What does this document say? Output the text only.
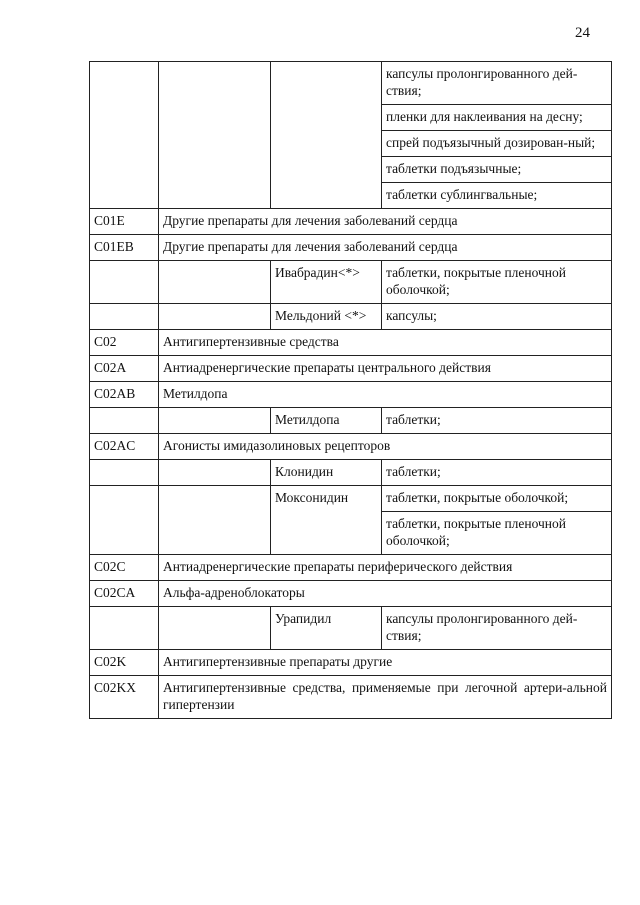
24
			капсулы пролонгированного дей-ствия;
			пленки для наклеивания на десну;
			спрей подъязычный дозирован-ный;
			таблетки подъязычные;
			таблетки сублингвальные;
C01E	Другие препараты для лечения заболеваний сердца		
C01EB	Другие препараты для лечения заболеваний сердца		
		Ивабрадин<*>	таблетки, покрытые пленочной оболочкой;
		Мельдоний <*>	капсулы;
C02	Антигипертензивные средства		
C02A	Антиадренергические препараты центрального действия		
C02AB	Метилдопа		
		Метилдопа	таблетки;
C02AC	Агонисты имидазолиновых рецепторов		
		Клонидин	таблетки;
		Моксонидин	таблетки, покрытые оболочкой;
			таблетки, покрытые пленочной оболочкой;
C02C	Антиадренергические препараты периферического действия		
C02CA	Альфа-адреноблокаторы		
		Урапидил	капсулы пролонгированного дей-ствия;
C02K	Антигипертензивные препараты другие		
C02KX	Антигипертензивные средства, применяемые при легочной артери-альной гипертензии		
